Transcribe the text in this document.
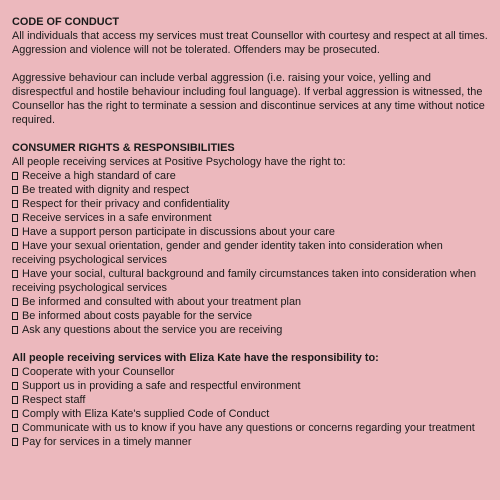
CODE OF CONDUCT

All individuals that access my services must treat Counsellor with courtesy and respect at all times. Aggression and violence will not be tolerated. Offenders may be prosecuted.

Aggressive behaviour can include verbal aggression (i.e. raising your voice, yelling and disrespectful and hostile behaviour including foul language). If verbal aggression is witnessed, the Counsellor has the right to terminate a session and discontinue services at any time without notice required.

CONSUMER RIGHTS & RESPONSIBILITIES

All people receiving services at Positive Psychology have the right to:

Receive a high standard of care
Be treated with dignity and respect
Respect for their privacy and confidentiality
Receive services in a safe environment
Have a support person participate in discussions about your care
Have your sexual orientation, gender and gender identity taken into consideration when receiving psychological services
Have your social, cultural background and family circumstances taken into consideration when receiving psychological services
Be informed and consulted with about your treatment plan
Be informed about costs payable for the service
Ask any questions about the service you are receiving
All people receiving services with Eliza Kate have the responsibility to:
Cooperate with your Counsellor
Support us in providing a safe and respectful environment
Respect staff
Comply with Eliza Kate's supplied Code of Conduct
Communicate with us to know if you have any questions or concerns regarding your treatment
Pay for services in a timely manner
